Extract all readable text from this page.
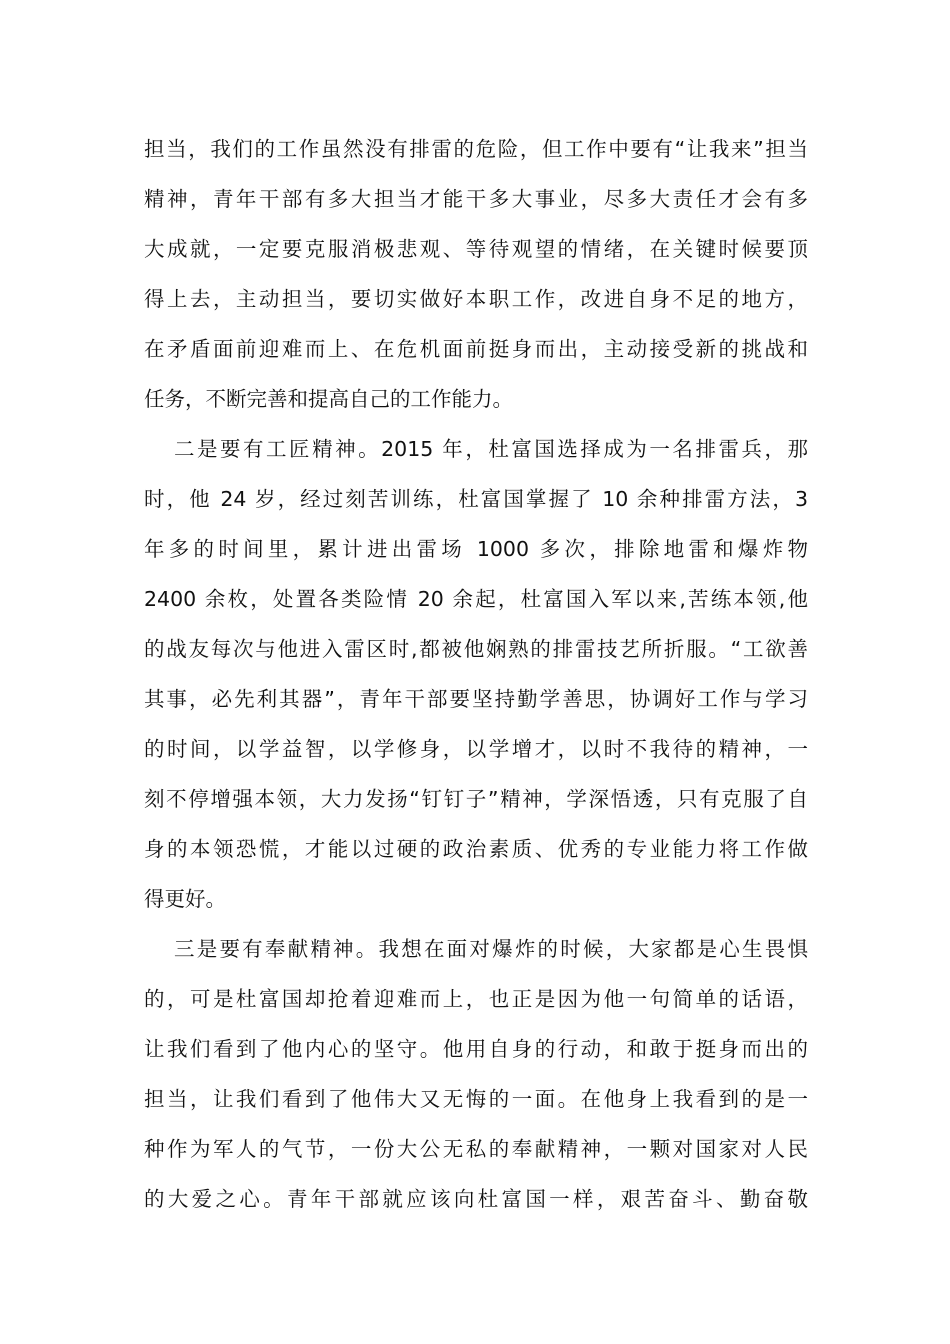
担当，我们的工作虽然没有排雷的危险，但工作中要有“让我来”担当
精神，青年干部有多大担当才能干多大事业，尽多大责任才会有多
大成就，一定要克服消极悲观、等待观望的情绪，在关键时候要顶
得上去，主动担当，要切实做好本职工作，改进自身不足的地方，
在矛盾面前迎难而上、在危机面前挺身而出，主动接受新的挑战和
任务，不断完善和提高自己的工作能力。
二是要有工匠精神。2015 年，杜富国选择成为一名排雷兵，那
时，他 24 岁，经过刻苦训练，杜富国掌握了 10 余种排雷方法，3
年多的时间里，累计进出雷场 1000 多次，排除地雷和爆炸物
2400 余枚，处置各类险情 20 余起，杜富国入军以来,苦练本领,他
的战友每次与他进入雷区时,都被他娴熟的排雷技艺所折服。“工欲善
其事，必先利其器”，青年干部要坚持勤学善思，协调好工作与学习
的时间，以学益智，以学修身，以学增才，以时不我待的精神，一
刻不停增强本领，大力发扬“钉钉子”精神，学深悟透，只有克服了自
身的本领恐慌，才能以过硬的政治素质、优秀的专业能力将工作做
得更好。
三是要有奉献精神。我想在面对爆炸的时候，大家都是心生畏惧
的，可是杜富国却抢着迎难而上，也正是因为他一句简单的话语，
让我们看到了他内心的坚守。他用自身的行动，和敢于挺身而出的
担当，让我们看到了他伟大又无悔的一面。在他身上我看到的是一
种作为军人的气节，一份大公无私的奉献精神，一颗对国家对人民
的大爱之心。青年干部就应该向杜富国一样，艰苦奋斗、勤奋敬
